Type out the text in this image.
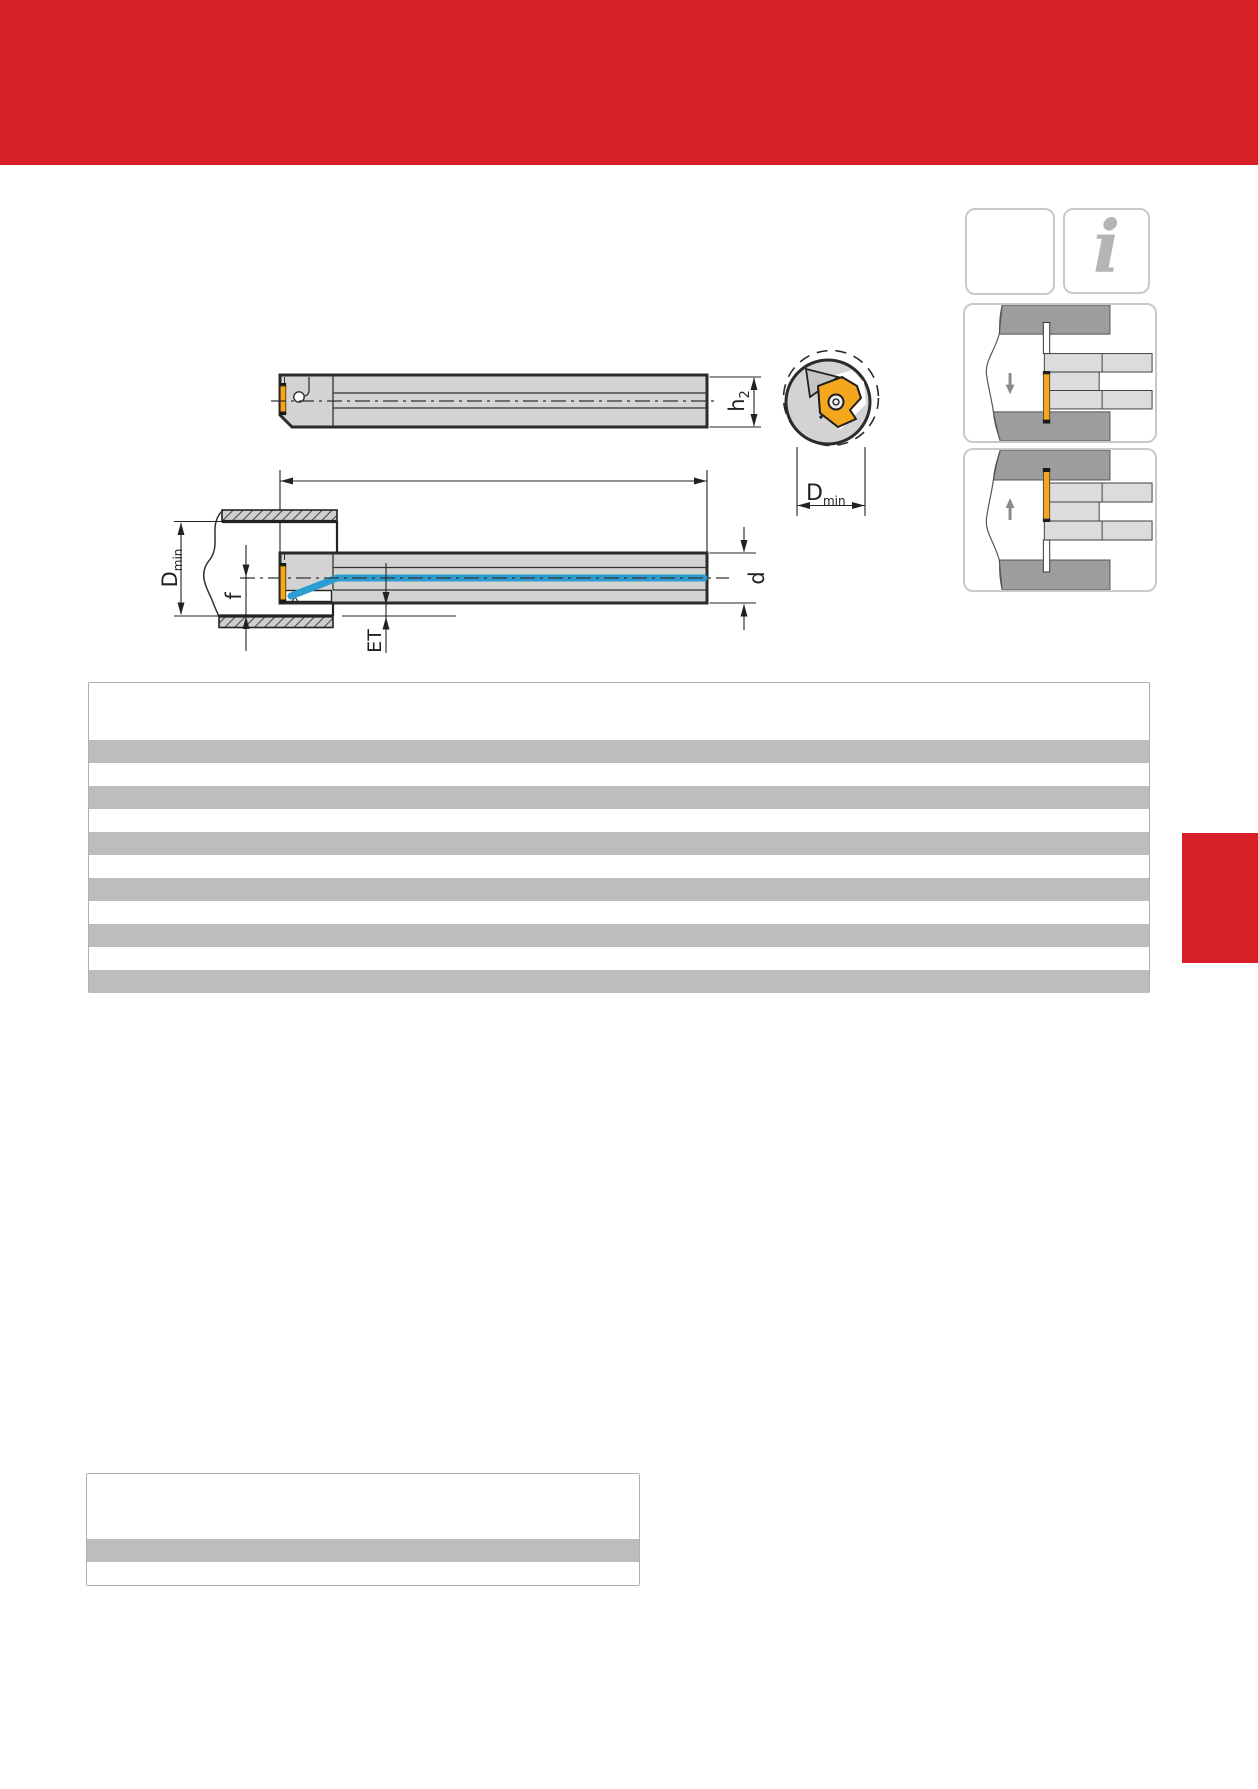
i
$h_2$
$D_{min}$
$D_{min}$
f
ET
d
